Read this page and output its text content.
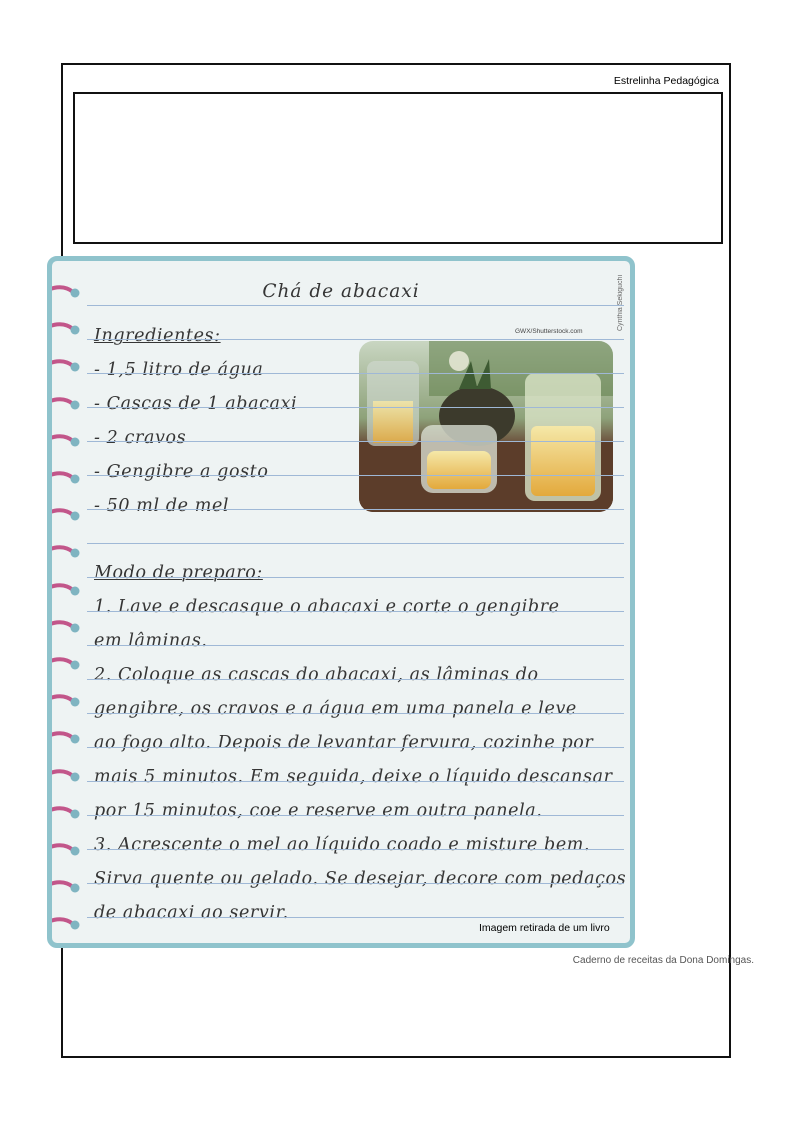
Estrelinha Pedagógica
Cynthia Sekiguchi
Chá de abacaxi
GWX/Shutterstock.com
Ingredientes:
- 1,5 litro de água
- Cascas de 1 abacaxi
- 2 cravos
- Gengibre a gosto
- 50 ml de mel
Modo de preparo:
1. Lave e descasque o abacaxi e corte o gengibre
em lâminas.
2. Coloque as cascas do abacaxi, as lâminas do
gengibre, os cravos e a água em uma panela e leve
ao fogo alto. Depois de levantar fervura, cozinhe por
mais 5 minutos. Em seguida, deixe o líquido descansar
por 15 minutos, coe e reserve em outra panela.
3. Acrescente o mel ao líquido coado e misture bem.
Sirva quente ou gelado. Se desejar, decore com pedaços
de abacaxi ao servir.
Imagem retirada de um livro
Caderno de receitas da Dona Domingas.
